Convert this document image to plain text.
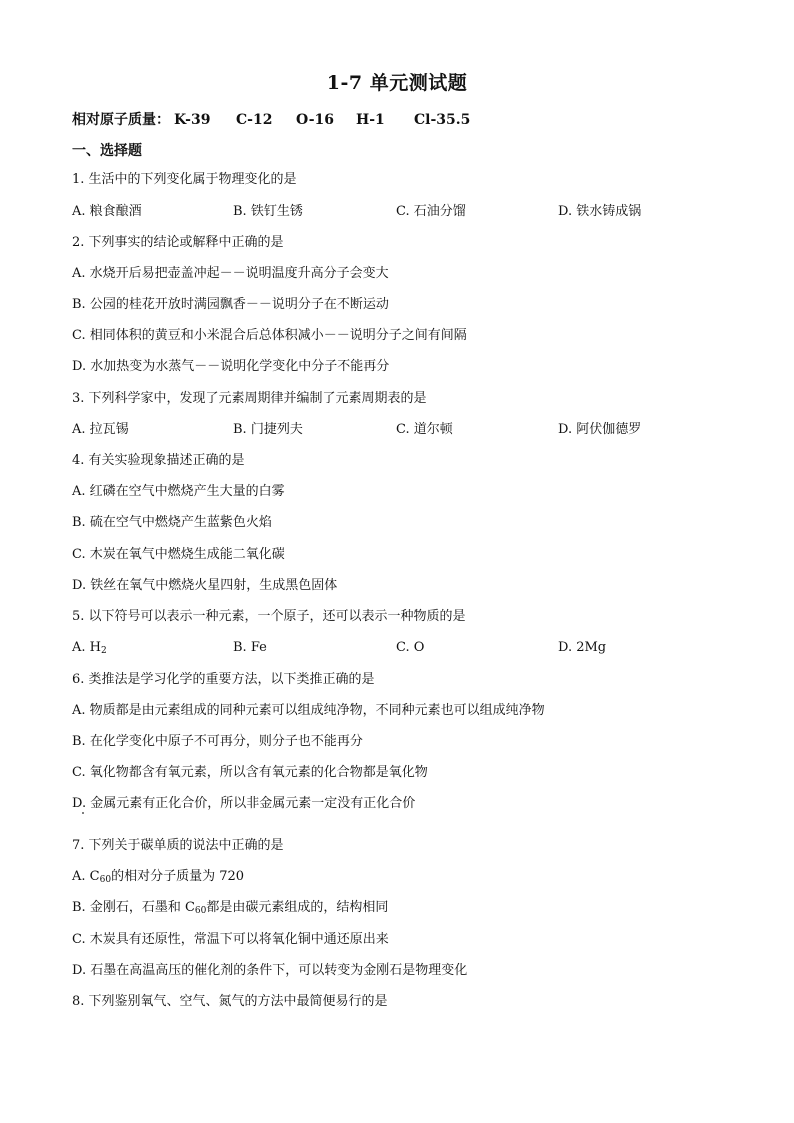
1-7 单元测试题
相对原子质量： K-39 C-12 O-16 H-1 Cl-35.5
一、选择题
1. 生活中的下列变化属于物理变化的是
A. 粮食酿酒	B. 铁钉生锈	C. 石油分馏	D. 铁水铸成锅
2. 下列事实的结论或解释中正确的是
A. 水烧开后易把壶盖冲起－－说明温度升高分子会变大
B. 公园的桂花开放时满园飘香－－说明分子在不断运动
C. 相同体积的黄豆和小米混合后总体积减小－－说明分子之间有间隔
D. 水加热变为水蒸气－－说明化学变化中分子不能再分
3. 下列科学家中，发现了元素周期律并编制了元素周期表的是
A. 拉瓦锡	B. 门捷列夫	C. 道尔顿	D. 阿伏伽德罗
4. 有关实验现象描述正确的是
A. 红磷在空气中燃烧产生大量的白雾
B. 硫在空气中燃烧产生蓝紫色火焰
C. 木炭在氧气中燃烧生成能二氧化碳
D. 铁丝在氧气中燃烧火星四射，生成黑色固体
5. 以下符号可以表示一种元素，一个原子，还可以表示一种物质的是
A. $H_2$	B. Fe	C. O	D. 2Mg
6. 类推法是学习化学的重要方法，以下类推正确的是
A. 物质都是由元素组成的同种元素可以组成纯净物，不同种元素也可以组成纯净物
B. 在化学变化中原子不可再分，则分子也不能再分
C. 氧化物都含有氧元素，所以含有氧元素的化合物都是氧化物
D. 金属元素有正化合价，所以非金属元素一定没有正化合价
7. 下列关于碳单质的说法中正确的是
A. $C_{60}$的相对分子质量为 720
B. 金刚石，石墨和 $C_{60}$都是由碳元素组成的，结构相同
C. 木炭具有还原性，常温下可以将氧化铜中通还原出来
D. 石墨在高温高压的催化剂的条件下，可以转变为金刚石是物理变化
8. 下列鉴别氧气、空气、氮气的方法中最简便易行的是
